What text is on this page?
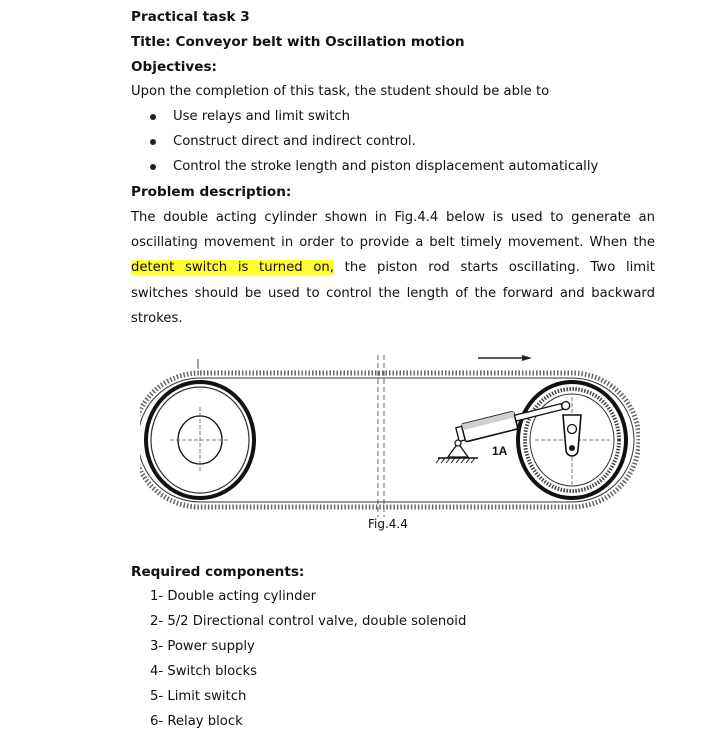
Practical task 3
Title: Conveyor belt with Oscillation motion
Objectives:
Upon the completion of this task, the student should be able to
Use relays and limit switch
Construct direct and indirect control.
Control the stroke length and piston displacement automatically
Problem description:
The double acting cylinder shown in Fig.4.4 below is used to generate an
oscillating movement in order to provide a belt timely movement. When the
detent switch is turned on, the piston rod starts oscillating. Two limit
switches should be used to control the length of the forward and backward
strokes.
1A
Fig.4.4
Required components:
1- Double acting cylinder
2- 5/2 Directional control valve, double solenoid
3- Power supply
4- Switch blocks
5- Limit switch
6- Relay block
